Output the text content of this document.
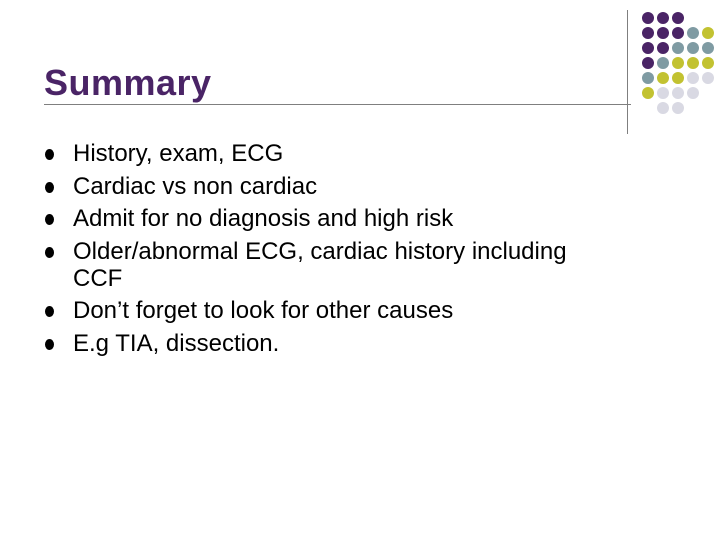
Summary
History, exam, ECG
Cardiac vs non cardiac
Admit for no diagnosis and high risk
Older/abnormal ECG, cardiac history including CCF
Don’t forget to look for other causes
E.g TIA, dissection.
